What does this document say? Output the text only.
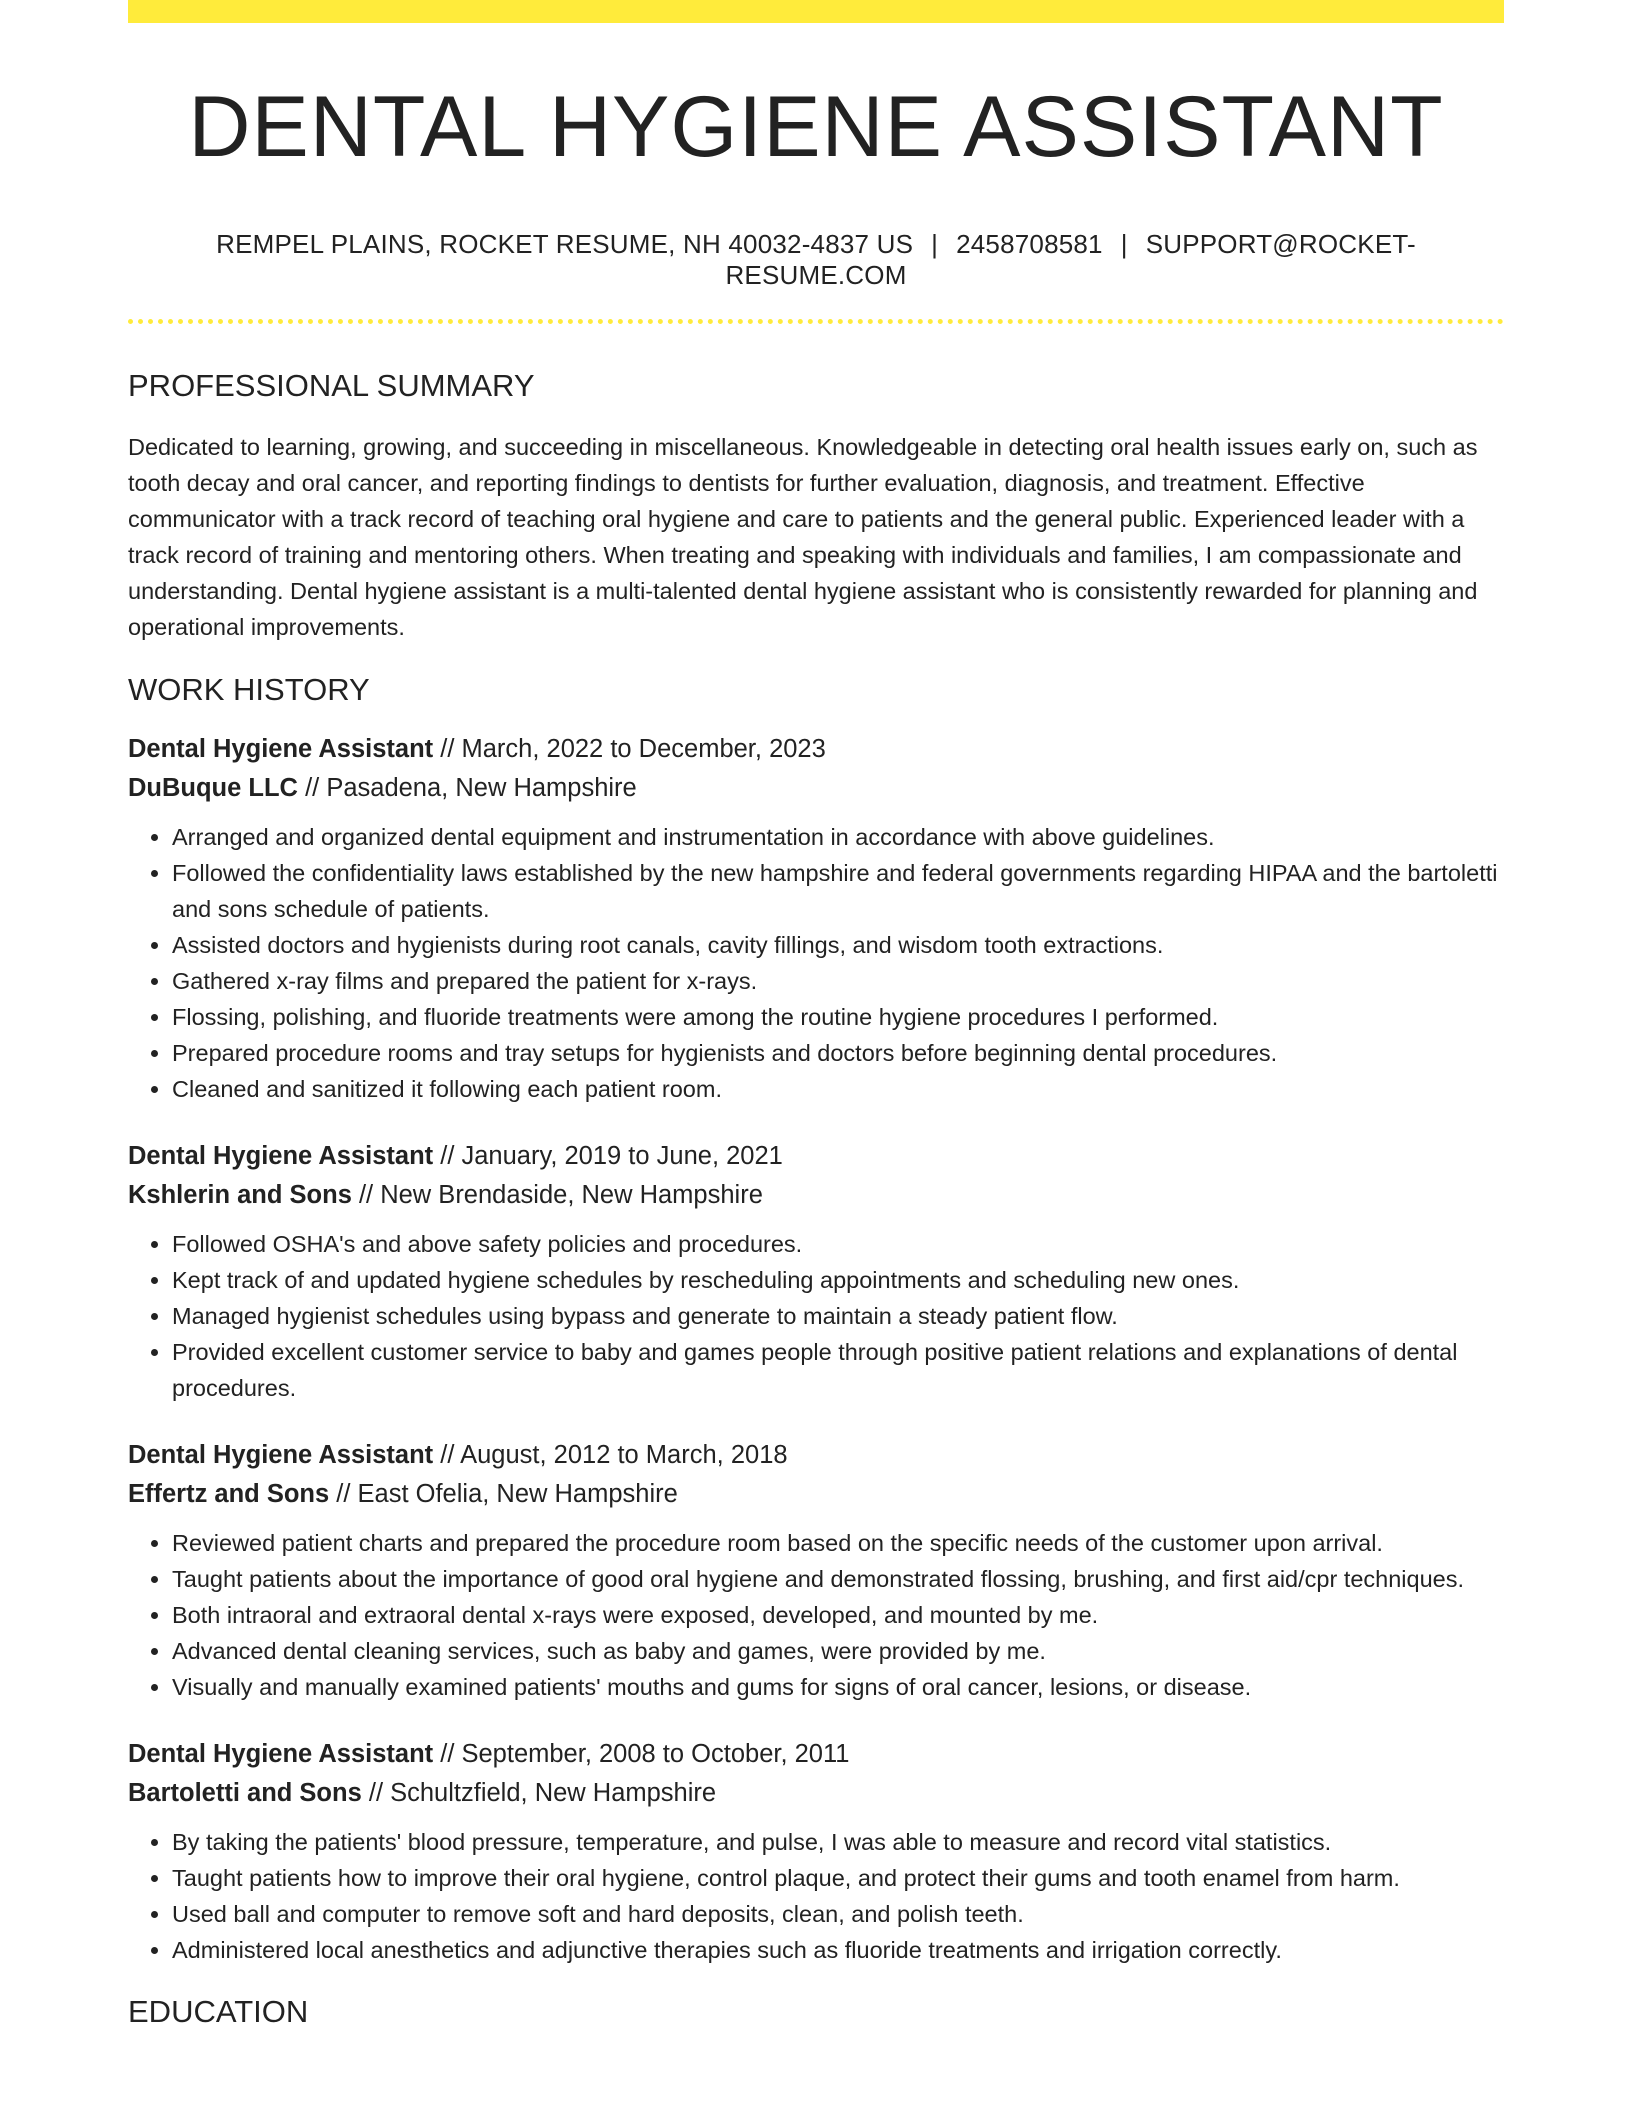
DENTAL HYGIENE ASSISTANT
REMPEL PLAINS, ROCKET RESUME, NH 40032-4837 US | 2458708581 | SUPPORT@ROCKET-RESUME.COM
PROFESSIONAL SUMMARY

Dedicated to learning, growing, and succeeding in miscellaneous. Knowledgeable in detecting oral health issues early on, such as tooth decay and oral cancer, and reporting findings to dentists for further evaluation, diagnosis, and treatment. Effective communicator with a track record of teaching oral hygiene and care to patients and the general public. Experienced leader with a track record of training and mentoring others. When treating and speaking with individuals and families, I am compassionate and understanding. Dental hygiene assistant is a multi-talented dental hygiene assistant who is consistently rewarded for planning and operational improvements.

WORK HISTORY
Dental Hygiene Assistant // March, 2022 to December, 2023
DuBuque LLC // Pasadena, New Hampshire
• Arranged and organized dental equipment and instrumentation in accordance with above guidelines.
• Followed the confidentiality laws established by the new hampshire and federal governments regarding HIPAA and the bartoletti and sons schedule of patients.
• Assisted doctors and hygienists during root canals, cavity fillings, and wisdom tooth extractions.
• Gathered x-ray films and prepared the patient for x-rays.
• Flossing, polishing, and fluoride treatments were among the routine hygiene procedures I performed.
• Prepared procedure rooms and tray setups for hygienists and doctors before beginning dental procedures.
• Cleaned and sanitized it following each patient room.
Dental Hygiene Assistant // January, 2019 to June, 2021
Kshlerin and Sons // New Brendaside, New Hampshire
• Followed OSHA's and above safety policies and procedures.
• Kept track of and updated hygiene schedules by rescheduling appointments and scheduling new ones.
• Managed hygienist schedules using bypass and generate to maintain a steady patient flow.
• Provided excellent customer service to baby and games people through positive patient relations and explanations of dental procedures.
Dental Hygiene Assistant // August, 2012 to March, 2018
Effertz and Sons // East Ofelia, New Hampshire
• Reviewed patient charts and prepared the procedure room based on the specific needs of the customer upon arrival.
• Taught patients about the importance of good oral hygiene and demonstrated flossing, brushing, and first aid/cpr techniques.
• Both intraoral and extraoral dental x-rays were exposed, developed, and mounted by me.
• Advanced dental cleaning services, such as baby and games, were provided by me.
• Visually and manually examined patients' mouths and gums for signs of oral cancer, lesions, or disease.
Dental Hygiene Assistant // September, 2008 to October, 2011
Bartoletti and Sons // Schultzfield, New Hampshire
• By taking the patients' blood pressure, temperature, and pulse, I was able to measure and record vital statistics.
• Taught patients how to improve their oral hygiene, control plaque, and protect their gums and tooth enamel from harm.
• Used ball and computer to remove soft and hard deposits, clean, and polish teeth.
• Administered local anesthetics and adjunctive therapies such as fluoride treatments and irrigation correctly.
EDUCATION
